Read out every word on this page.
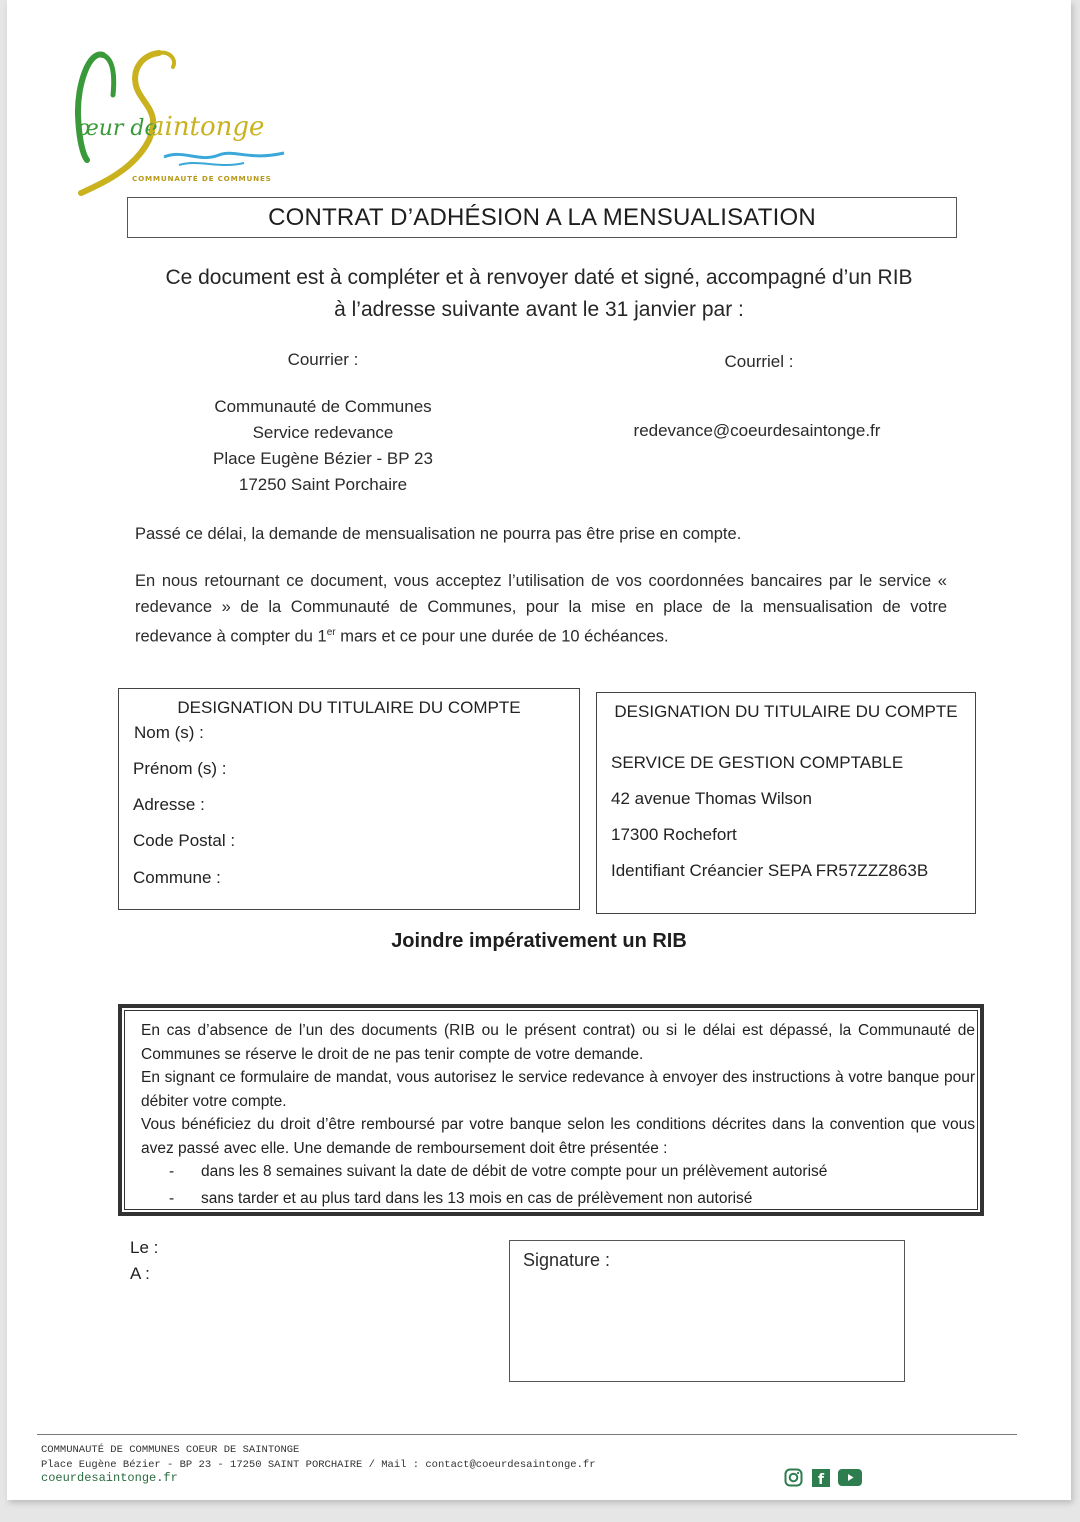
œur de
aintonge
COMMUNAUTÉ DE COMMUNES
CONTRAT D’ADHÉSION A LA MENSUALISATION
Ce document est à compléter et à renvoyer daté et signé, accompagné d’un RIB
à l’adresse suivante avant le 31 janvier par :
Courrier :
Communauté de Communes
Service redevance
Place Eugène Bézier - BP 23
17250 Saint Porchaire
Courriel :
redevance@coeurdesaintonge.fr
Passé ce délai, la demande de mensualisation ne pourra pas être prise en compte.
En nous retournant ce document, vous acceptez l’utilisation de vos coordonnées bancaires par le service « redevance » de la Communauté de Communes, pour la mise en place de la mensualisation de votre redevance à compter du 1er mars et ce pour une durée de 10 échéances.
DESIGNATION DU TITULAIRE DU COMPTE
Nom (s) :
Prénom (s) :
Adresse :
Code Postal :
Commune :
DESIGNATION DU TITULAIRE DU COMPTE
SERVICE DE GESTION COMPTABLE
42 avenue Thomas Wilson
17300 Rochefort
Identifiant Créancier SEPA FR57ZZZ863B
Joindre impérativement un RIB

En cas d’absence de l’un des documents (RIB ou le présent contrat) ou si le délai est dépassé, la Communauté de Communes se réserve le droit de ne pas tenir compte de votre demande.

En signant ce formulaire de mandat, vous autorisez le service redevance à envoyer des instructions à votre banque pour débiter votre compte.

Vous bénéficiez du droit d’être remboursé par votre banque selon les conditions décrites dans la convention que vous avez passé avec elle. Une demande de remboursement doit être présentée :

-	dans les 8 semaines suivant la date de débit de votre compte pour un prélèvement autorisé
-	sans tarder et au plus tard dans les 13 mois en cas de prélèvement non autorisé
Le :
A :
Signature :
COMMUNAUTÉ DE COMMUNES COEUR DE SAINTONGE
Place Eugène Bézier - BP 23 - 17250 SAINT PORCHAIRE / Mail : contact@coeurdesaintonge.fr
coeurdesaintonge.fr	f
